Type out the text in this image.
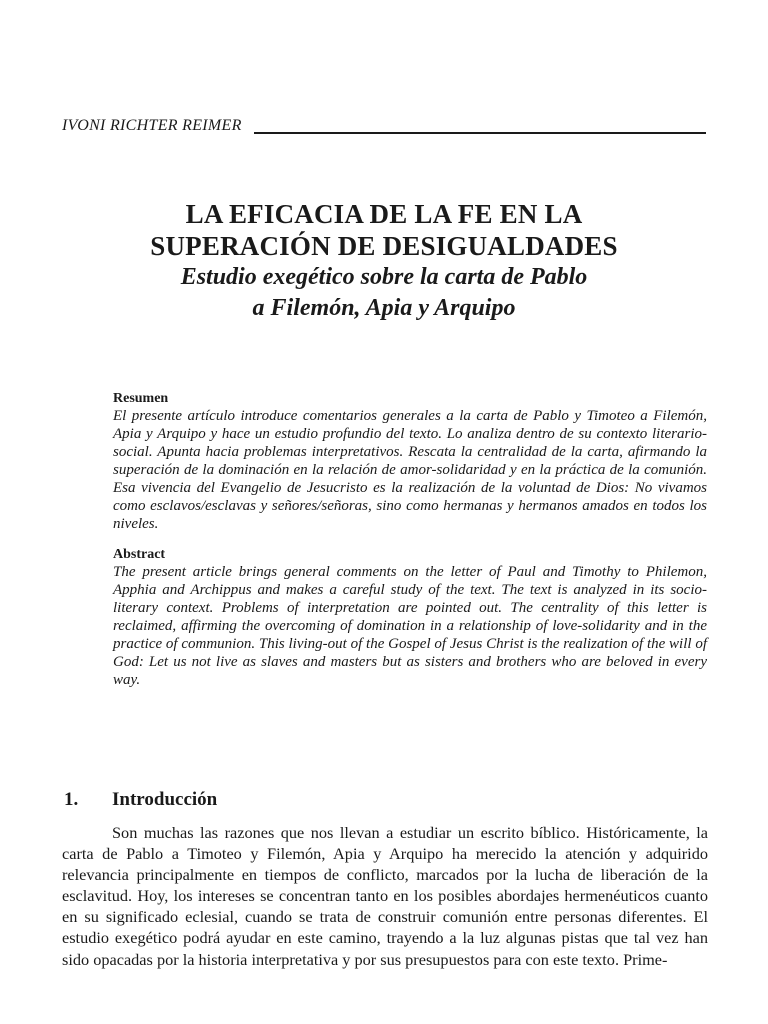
IVONI RICHTER REIMER
LA EFICACIA DE LA FE EN LA
SUPERACIÓN DE DESIGUALDADES
Estudio exegético sobre la carta de Pablo
a Filemón, Apia y Arquipo
Resumen

El presente artículo introduce comentarios generales a la carta de Pablo y Timoteo a Filemón, Apia y Arquipo y hace un estudio profundio del texto. Lo analiza dentro de su contexto literario-social. Apunta hacia problemas interpretativos. Rescata la centralidad de la carta, afirmando la superación de la dominación en la relación de amor-solidaridad y en la práctica de la comunión. Esa vivencia del Evangelio de Jesucristo es la realización de la voluntad de Dios: No vivamos como esclavos/esclavas y señores/señoras, sino como hermanas y hermanos amados en todos los niveles.

Abstract

The present article brings general comments on the letter of Paul and Timothy to Philemon, Apphia and Archippus and makes a careful study of the text. The text is analyzed in its socio-literary context. Problems of interpretation are pointed out. The centrality of this letter is reclaimed, affirming the overcoming of domination in a relationship of love-solidarity and in the practice of communion. This living-out of the Gospel of Jesus Christ is the realization of the will of God: Let us not live as slaves and masters but as sisters and brothers who are beloved in every way.

1.	Introducción

Son muchas las razones que nos llevan a estudiar un escrito bíblico. Históricamente, la carta de Pablo a Timoteo y Filemón, Apia y Arquipo ha merecido la atención y adquirido relevancia principalmente en tiempos de conflicto, marcados por la lucha de liberación de la esclavitud. Hoy, los intereses se concentran tanto en los posibles abordajes hermenéuticos cuanto en su significado eclesial, cuando se trata de construir comunión entre personas diferentes. El estudio exegético podrá ayudar en este camino, trayendo a la luz algunas pistas que tal vez han sido opacadas por la historia interpretativa y por sus presupuestos para con este texto. Prime-
